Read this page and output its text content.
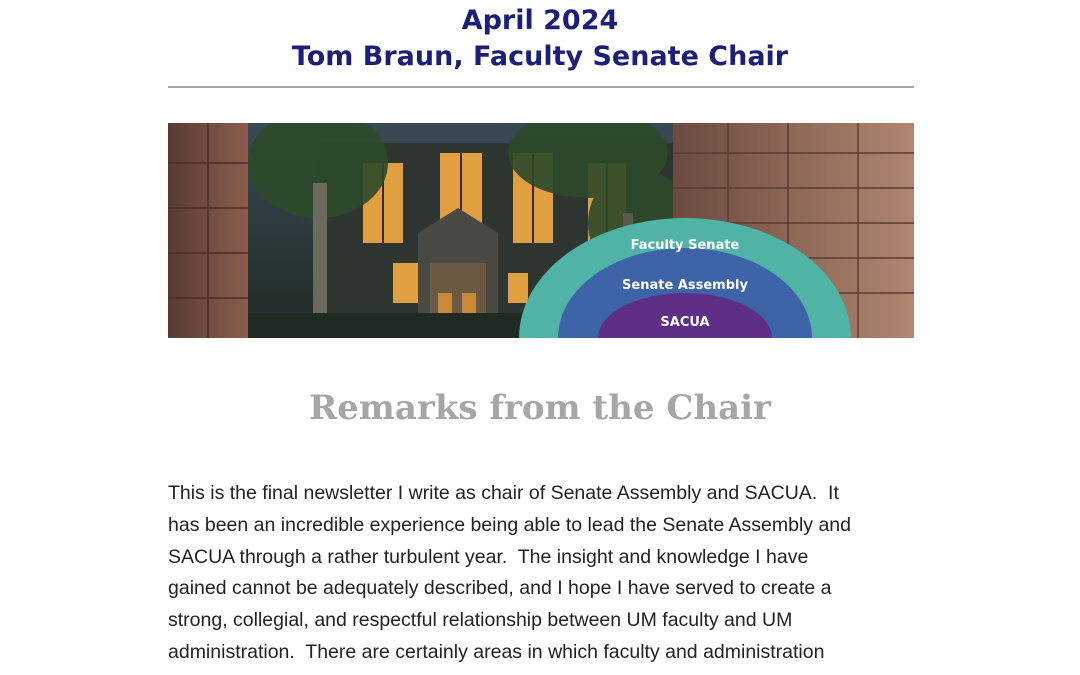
April 2024
Tom Braun, Faculty Senate Chair
Faculty Senate
Senate Assembly
SACUA
Remarks from the Chair
This is the final newsletter I write as chair of Senate Assembly and SACUA.  It
has been an incredible experience being able to lead the Senate Assembly and
SACUA through a rather turbulent year.  The insight and knowledge I have
gained cannot be adequately described, and I hope I have served to create a
strong, collegial, and respectful relationship between UM faculty and UM
administration.  There are certainly areas in which faculty and administration
